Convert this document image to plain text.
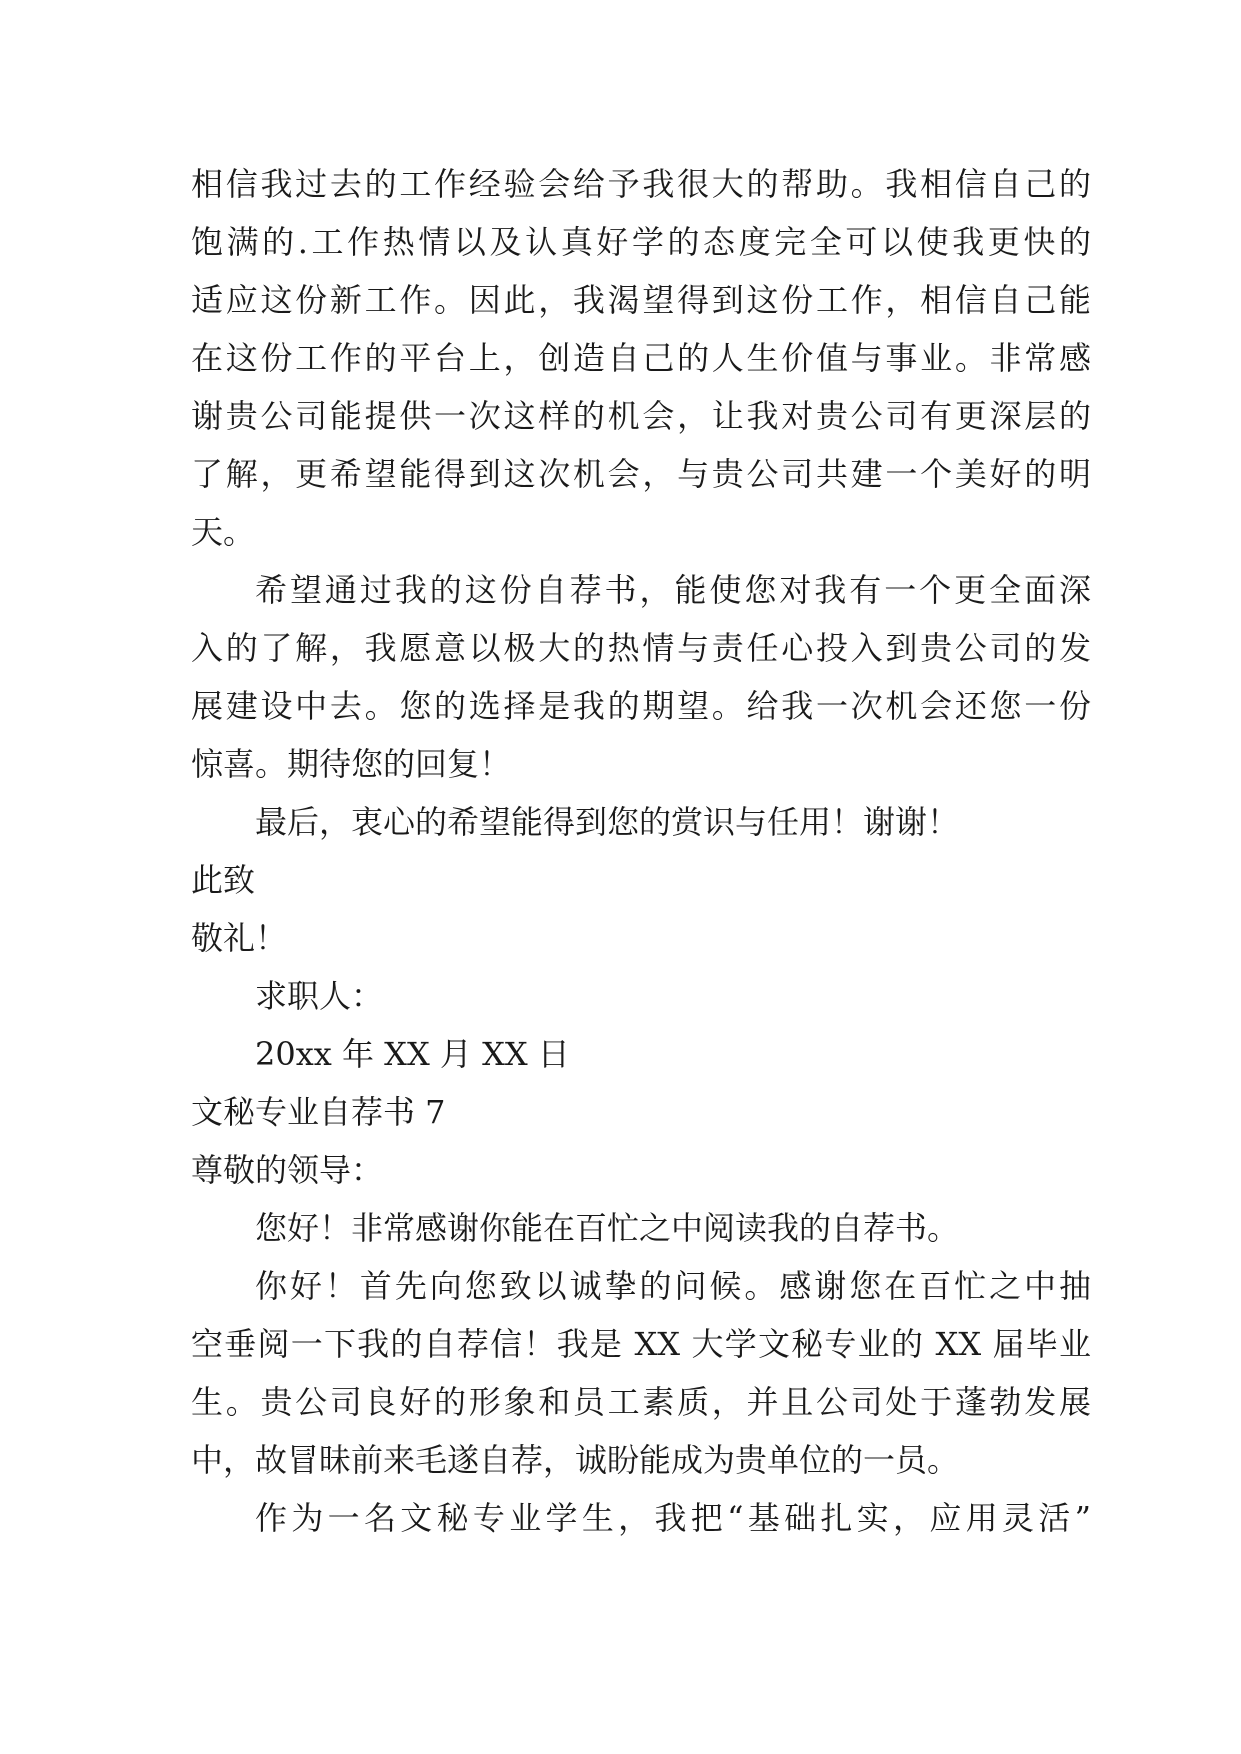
相信我过去的工作经验会给予我很大的帮助。我相信自己的
饱满的.工作热情以及认真好学的态度完全可以使我更快的
适应这份新工作。因此，我渴望得到这份工作，相信自己能
在这份工作的平台上，创造自己的人生价值与事业。非常感
谢贵公司能提供一次这样的机会，让我对贵公司有更深层的
了解，更希望能得到这次机会，与贵公司共建一个美好的明
天。
希望通过我的这份自荐书，能使您对我有一个更全面深
入的了解，我愿意以极大的热情与责任心投入到贵公司的发
展建设中去。您的选择是我的期望。给我一次机会还您一份
惊喜。期待您的回复！
最后，衷心的希望能得到您的赏识与任用！谢谢！
此致
敬礼！
求职人：
20xx 年 XX 月 XX 日
文秘专业自荐书 7
尊敬的领导：
您好！非常感谢你能在百忙之中阅读我的自荐书。
你好！首先向您致以诚挚的问候。感谢您在百忙之中抽
空垂阅一下我的自荐信！我是 XX 大学文秘专业的 XX 届毕业
生。贵公司良好的形象和员工素质，并且公司处于蓬勃发展
中，故冒昧前来毛遂自荐，诚盼能成为贵单位的一员。
作为一名文秘专业学生，我把“基础扎实，应用灵活”
